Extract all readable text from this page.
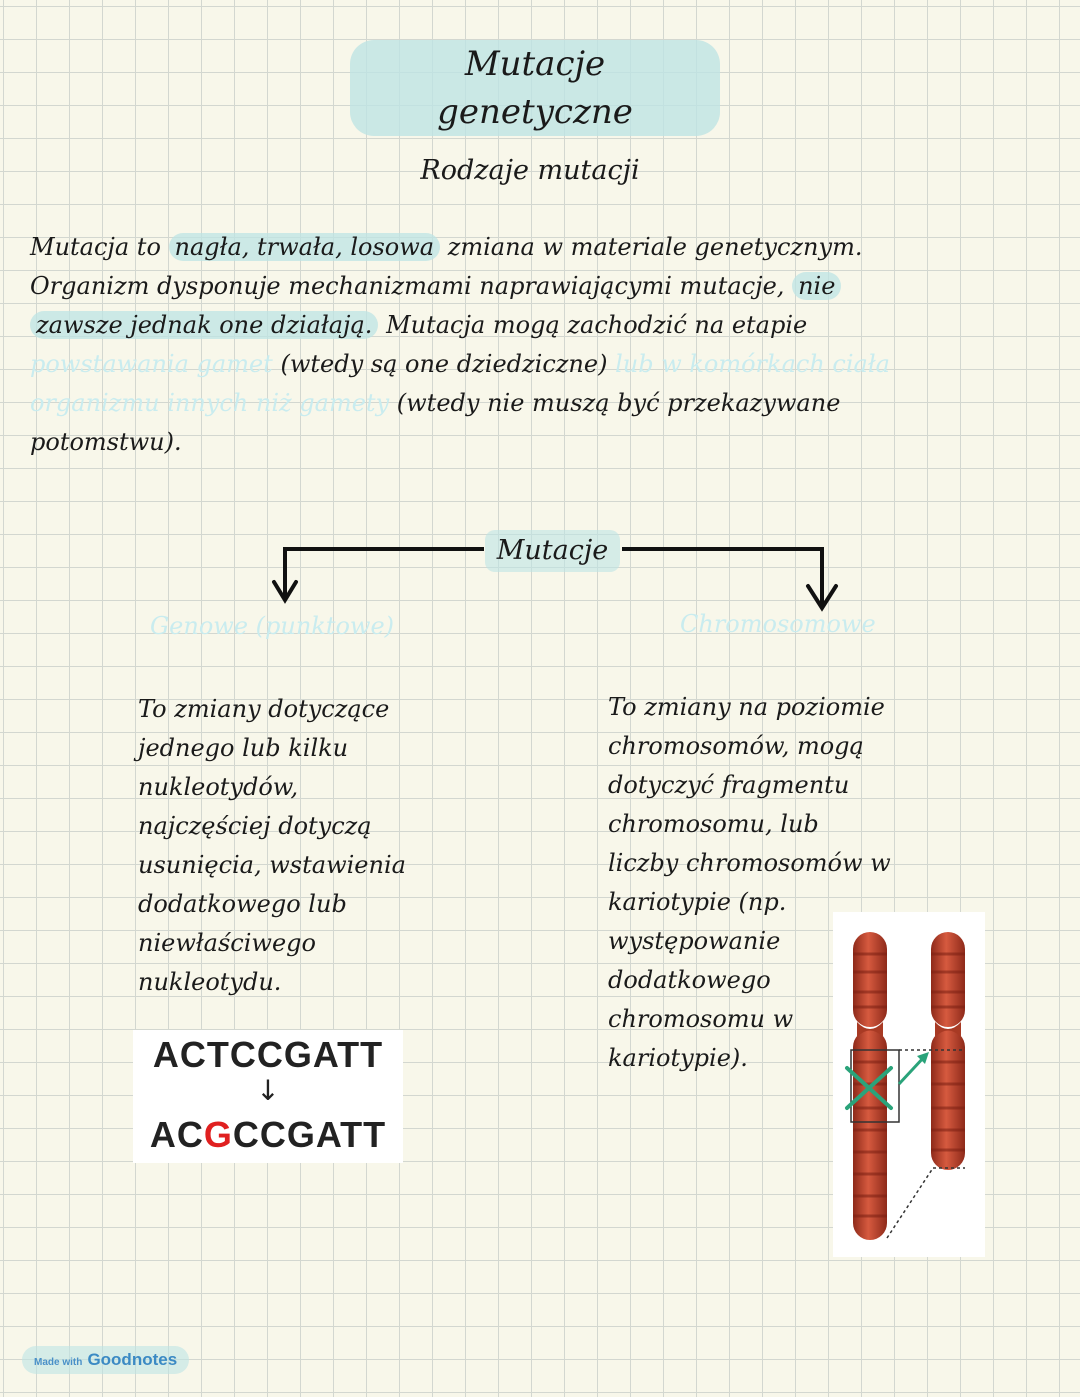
Mutacje genetyczne
Rodzaje mutacji
Mutacja to nagła, trwała, losowa zmiana w materiale genetycznym.
Organizm dysponuje mechanizmami naprawiającymi mutacje, nie
zawsze jednak one działają. Mutacja mogą zachodzić na etapie
powstawania gamet (wtedy są one dziedziczne) lub w komórkach ciała
organizmu innych niż gamety (wtedy nie muszą być przekazywane
potomstwu).
Mutacje
Genowe (punktowe)	Chromosomowe
To zmiany dotyczące
jednego lub kilku
nukleotydów,
najczęściej dotyczą
usunięcia, wstawienia
dodatkowego lub
niewłaściwego
nukleotydu.
To zmiany na poziomie
chromosomów, mogą
dotyczyć fragmentu
chromosomu, lub
liczby chromosomów w
kariotypie (np.
występowanie
dodatkowego
chromosomu w
kariotypie).
ACTCCGATT
↓
ACGCCGATT
Made with Goodnotes
